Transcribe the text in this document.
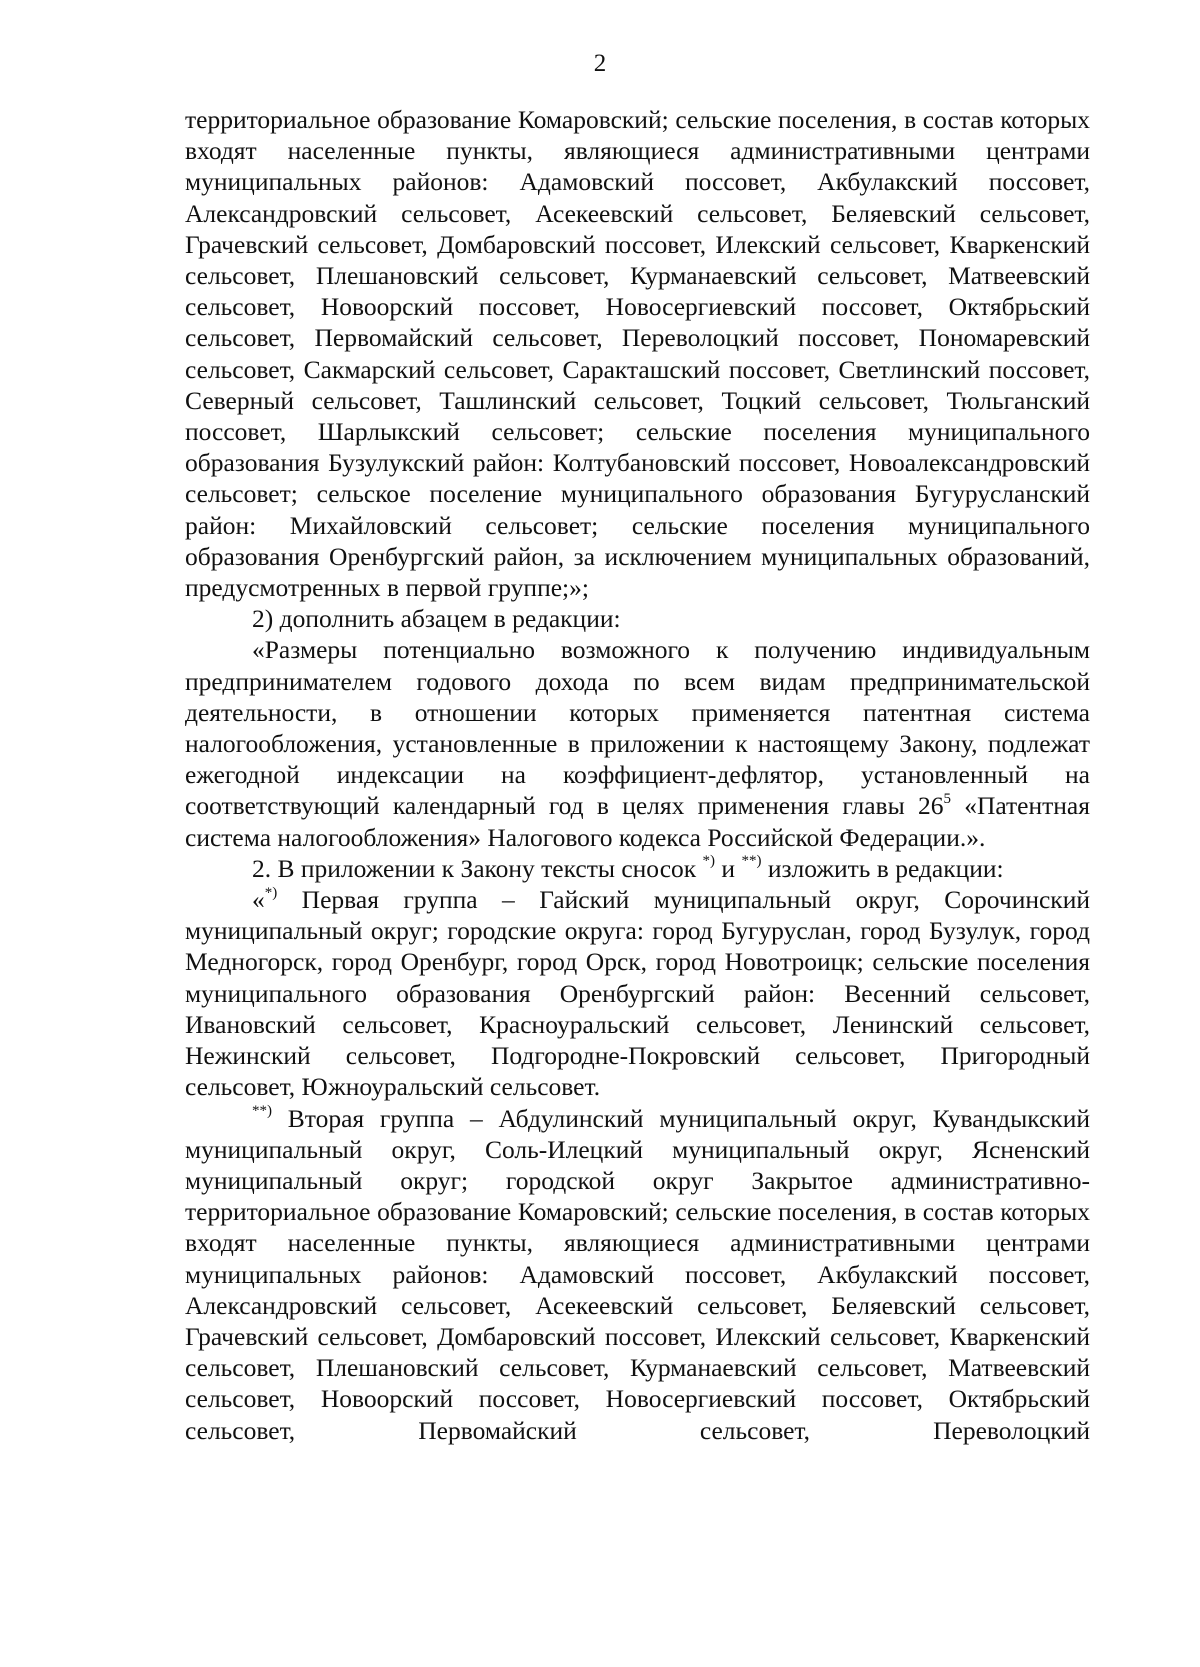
2

территориальное образование Комаровский; сельские поселения, в состав которых входят населенные пункты, являющиеся административными центрами муниципальных районов: Адамовский поссовет, Акбулакский поссовет, Александровский сельсовет, Асекеевский сельсовет, Беляевский сельсовет, Грачевский сельсовет, Домбаровский поссовет, Илекский сельсовет, Кваркенский сельсовет, Плешановский сельсовет, Курманаевский сельсовет, Матвеевский сельсовет, Новоорский поссовет, Новосергиевский поссовет, Октябрьский сельсовет, Первомайский сельсовет, Переволоцкий поссовет, Пономаревский сельсовет, Сакмарский сельсовет, Саракташский поссовет, Светлинский поссовет, Северный сельсовет, Ташлинский сельсовет, Тоцкий сельсовет, Тюльганский поссовет, Шарлыкский сельсовет; сельские поселения муниципального образования Бузулукский район: Колтубановский поссовет, Новоалександровский сельсовет; сельское поселение муниципального образования Бугурусланский район: Михайловский сельсовет; сельские поселения муниципального образования Оренбургский район, за исключением муниципальных образований, предусмотренных в первой группе;»;

2) дополнить абзацем в редакции:

«Размеры потенциально возможного к получению индивидуальным предпринимателем годового дохода по всем видам предпринимательской деятельности, в отношении которых применяется патентная система налогообложения, установленные в приложении к настоящему Закону, подлежат ежегодной индексации на коэффициент-дефлятор, установленный на соответствующий календарный год в целях применения главы $26^5$ «Патентная система налогообложения» Налогового кодекса Российской Федерации.».

2. В приложении к Закону тексты сносок *) и **) изложить в редакции:

«*) Первая группа – Гайский муниципальный округ, Сорочинский муниципальный округ; городские округа: город Бугуруслан, город Бузулук, город Медногорск, город Оренбург, город Орск, город Новотроицк; сельские поселения муниципального образования Оренбургский район: Весенний сельсовет, Ивановский сельсовет, Красноуральский сельсовет, Ленинский сельсовет, Нежинский сельсовет, Подгородне-Покровский сельсовет, Пригородный сельсовет, Южноуральский сельсовет.

**) Вторая группа – Абдулинский муниципальный округ, Кувандыкский муниципальный округ, Соль-Илецкий муниципальный округ, Ясненский муниципальный округ; городской округ Закрытое административно-территориальное образование Комаровский; сельские поселения, в состав которых входят населенные пункты, являющиеся административными центрами муниципальных районов: Адамовский поссовет, Акбулакский поссовет, Александровский сельсовет, Асекеевский сельсовет, Беляевский сельсовет, Грачевский сельсовет, Домбаровский поссовет, Илекский сельсовет, Кваркенский сельсовет, Плешановский сельсовет, Курманаевский сельсовет, Матвеевский сельсовет, Новоорский поссовет, Новосергиевский поссовет, Октябрьский сельсовет, Первомайский сельсовет, Переволоцкий
